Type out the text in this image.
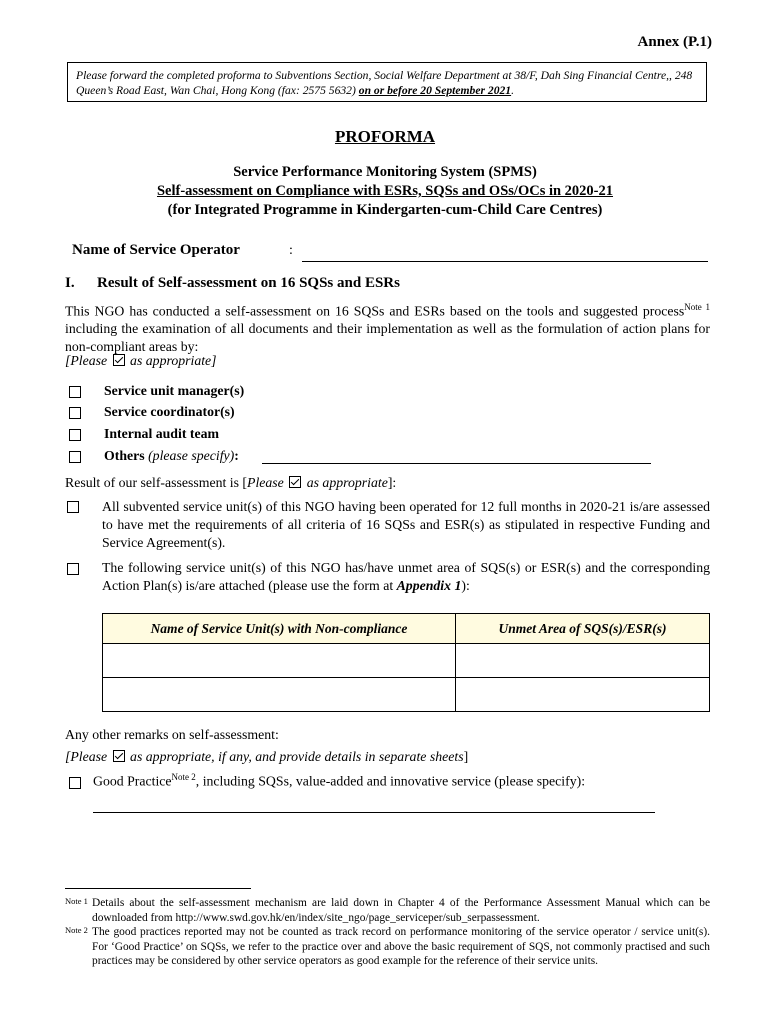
Annex (P.1)
Please forward the completed proforma to Subventions Section, Social Welfare Department at 38/F, Dah Sing Financial Centre,, 248 Queen’s Road East, Wan Chai, Hong Kong (fax: 2575 5632) on or before 20 September 2021.
PROFORMA
Service Performance Monitoring System (SPMS)
Self-assessment on Compliance with ESRs, SQSs and OSs/OCs in 2020-21
(for Integrated Programme in Kindergarten-cum-Child Care Centres)
Name of Service Operator	:
I. Result of Self-assessment on 16 SQSs and ESRs
This NGO has conducted a self-assessment on 16 SQSs and ESRs based on the tools and suggested process$^{Note 1}$ including the examination of all documents and their implementation as well as the formulation of action plans for non-compliant areas by:
[Please  as appropriate]
Service unit manager(s)
Service coordinator(s)
Internal audit team
Others (please specify):
Result of our self-assessment is [Please  as appropriate]:
All subvented service unit(s) of this NGO having been operated for 12 full months in 2020-21 is/are assessed to have met the requirements of all criteria of 16 SQSs and ESR(s) as stipulated in respective Funding and Service Agreement(s).
The following service unit(s) of this NGO has/have unmet area of SQS(s) or ESR(s) and the corresponding Action Plan(s) is/are attached (please use the form at Appendix 1):
Name of Service Unit(s) with Non-compliance	Unmet Area of SQS(s)/ESR(s)

Any other remarks on self-assessment:
[Please  as appropriate, if any, and provide details in separate sheets]
Good Practice$^{Note 2}$, including SQSs, value-added and innovative service (please specify):
Note 1 Details about the self-assessment mechanism are laid down in Chapter 4 of the Performance Assessment Manual which can be downloaded from http://www.swd.gov.hk/en/index/site_ngo/page_serviceper/sub_serpassessment.
Note 2 The good practices reported may not be counted as track record on performance monitoring of the service operator / service unit(s). For ‘Good Practice’ on SQSs, we refer to the practice over and above the basic requirement of SQS, not commonly practised and such practices may be considered by other service operators as good example for the reference of their service units.
